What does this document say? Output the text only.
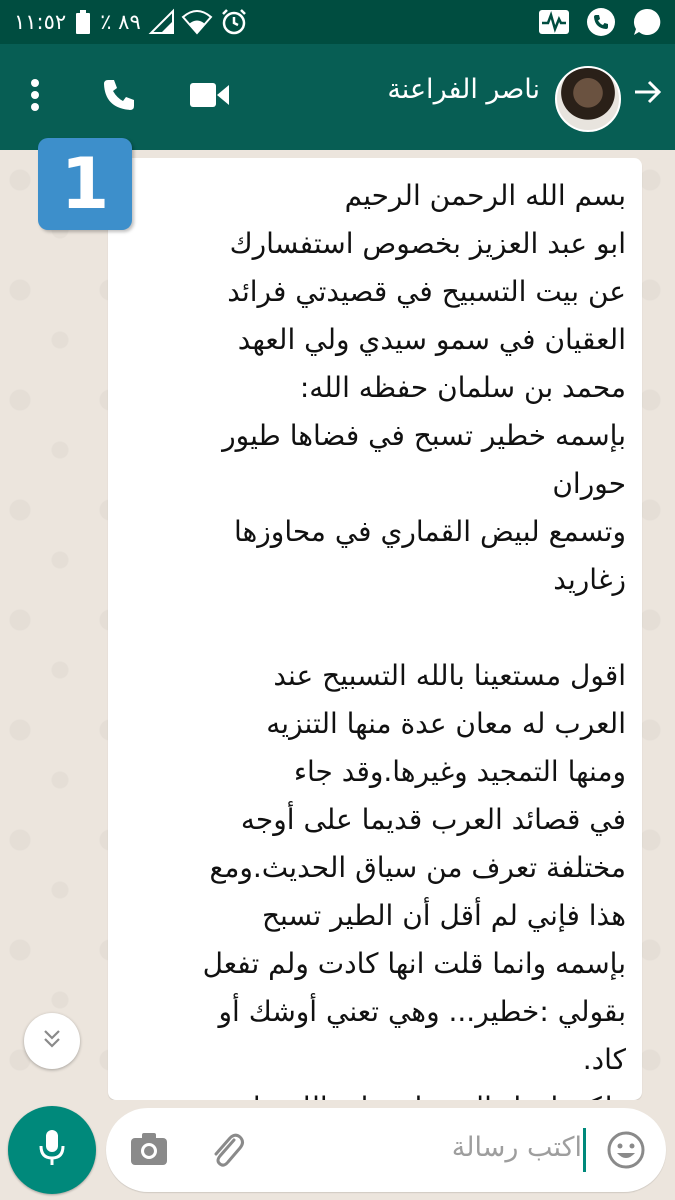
١١:٥٢ ٨٩ ٪
ناصر الفراعنة
بسم الله الرحمن الرحيم
ابو عبد العزيز بخصوص استفسارك
عن بيت التسبيح في قصيدتي فرائد
العقيان في سمو سيدي ولي العهد
محمد بن سلمان حفظه الله:
بإسمه خطير تسبح في فضاها طيور
حوران
وتسمع لبيض القماري في محاوزها
زغاريد
اقول مستعينا بالله التسبيح عند
العرب له معان عدة منها التنزيه
ومنها التمجيد وغيرها.وقد جاء
في قصائد العرب قديما على أوجه
مختلفة تعرف من سياق الحديث.ومع
هذا فإني لم أقل أن الطير تسبح
بإسمه وانما قلت انها كادت ولم تفعل
بقولي :خطير... وهي تعني أوشك أو
كاد.
1
اكتب رسالة
